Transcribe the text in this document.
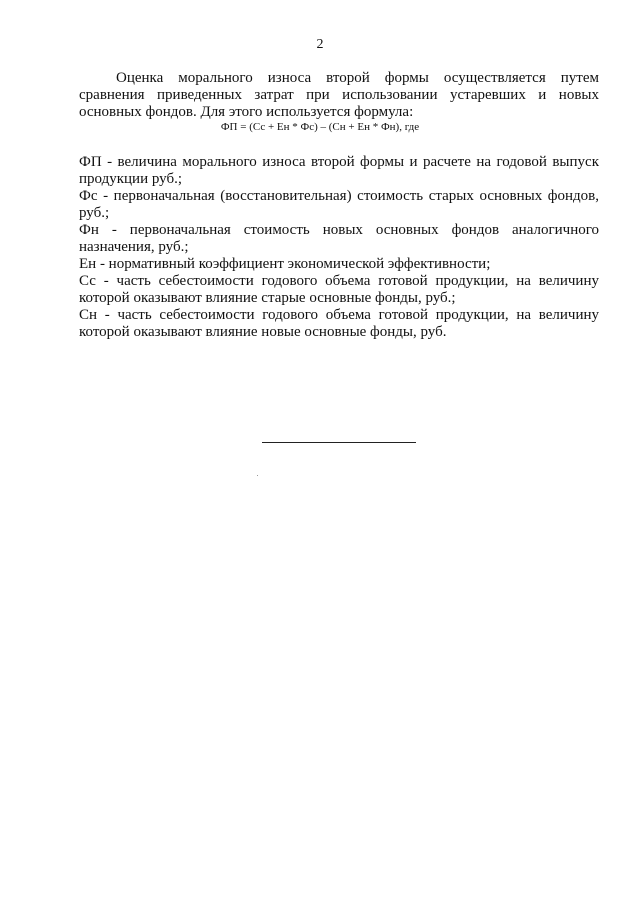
2

Оценка морального износа второй формы осуществляется путем сравнения приведенных затрат при использовании устаревших и новых основных фондов. Для этого используется формула:

ФП = (Сс + Ен * Фс) – (Сн + Ен * Фн), где

ФП - величина морального износа второй формы и расчете на годовой выпуск продукции руб.;

Фс - первоначальная (восстановительная) стоимость старых основных фондов, руб.;

Фн - первоначальная стоимость новых основных фондов аналогичного назначения, руб.;

Ен - нормативный коэффициент экономической эффективности;

Сс - часть себестоимости годового объема готовой продукции, на величину которой оказывают влияние старые основные фонды, руб.;

Сн - часть себестоимости годового объема готовой продукции, на величину которой оказывают влияние новые основные фонды, руб.
